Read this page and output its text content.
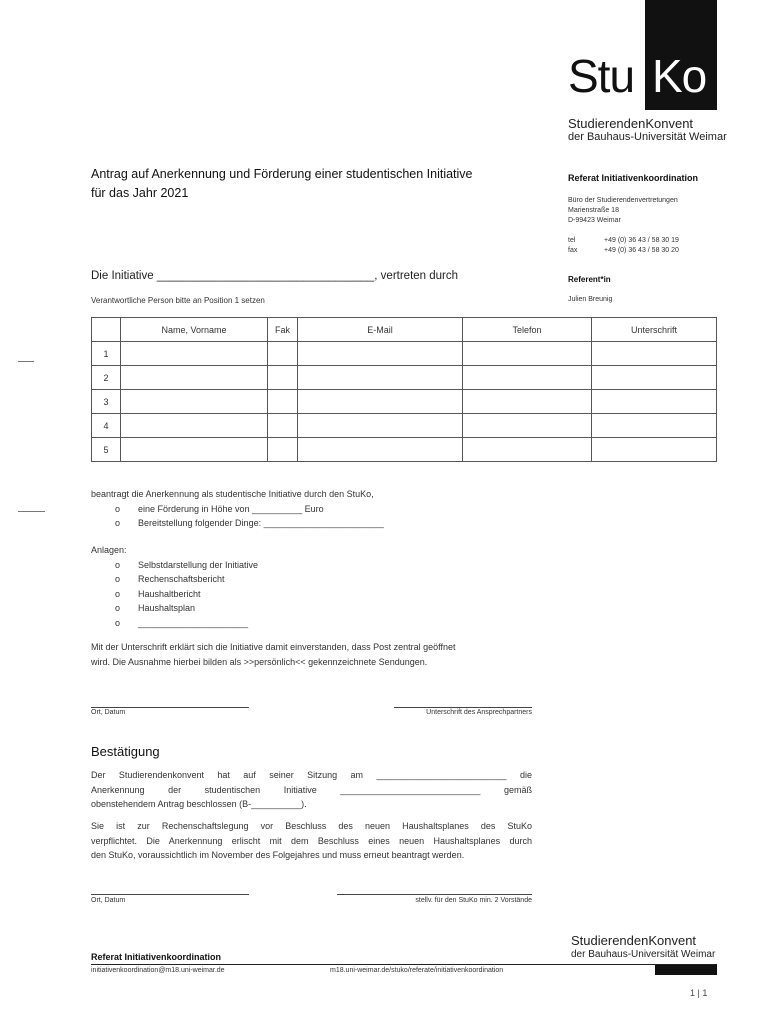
Stu Ko
StudierendenKonvent
der Bauhaus-Universität Weimar
Antrag auf Anerkennung und Förderung einer studentischen Initiative
für das Jahr 2021
Referat Initiativenkoordination
Büro der Studierendenvertretungen
Marienstraße 18
D-99423 Weimar
tel	+49 (0) 36 43 / 58 30 19
fax	+49 (0) 36 43 / 58 30 20
Referent*in
Julien Breunig
Die Initiative __________________________________, vertreten durch
Verantwortliche Person bitte an Position 1 setzen
	Name, Vorname	Fak	E-Mail	Telefon	Unterschrift
1					
2					
3					
4					
5					
beantragt die Anerkennung als studentische Initiative durch den StuKo,
o	eine Förderung in Höhe von __________ Euro
o	Bereitstellung folgender Dinge: ________________________
Anlagen:
o	Selbstdarstellung der Initiative
o	Rechenschaftsbericht
o	Haushaltbericht
o	Haushaltsplan
o	______________________
Mit der Unterschrift erklärt sich die Initiative damit einverstanden, dass Post zentral geöffnet
wird. Die Ausnahme hierbei bilden als >>persönlich<< gekennzeichnete Sendungen.
Ort, Datum	Unterschrift des Ansprechpartners
Bestätigung
Der Studierendenkonvent hat auf seiner Sitzung am __________________________ die
Anerkennung der studentischen Initiative ____________________________ gemäß
obenstehendem Antrag beschlossen (B-__________).
Sie ist zur Rechenschaftslegung vor Beschluss des neuen Haushaltsplanes des StuKo
verpflichtet. Die Anerkennung erlischt mit dem Beschluss eines neuen Haushaltsplanes durch
den StuKo, voraussichtlich im November des Folgejahres und muss erneut beantragt werden.
Ort, Datum	stellv. für den StuKo min. 2 Vorstände
Referat Initiativenkoordination
StudierendenKonvent
der Bauhaus-Universität Weimar
initiativenkoordination@m18.uni-weimar.de	m18.uni-weimar.de/stuko/referate/initiativenkoordination
1 | 1
